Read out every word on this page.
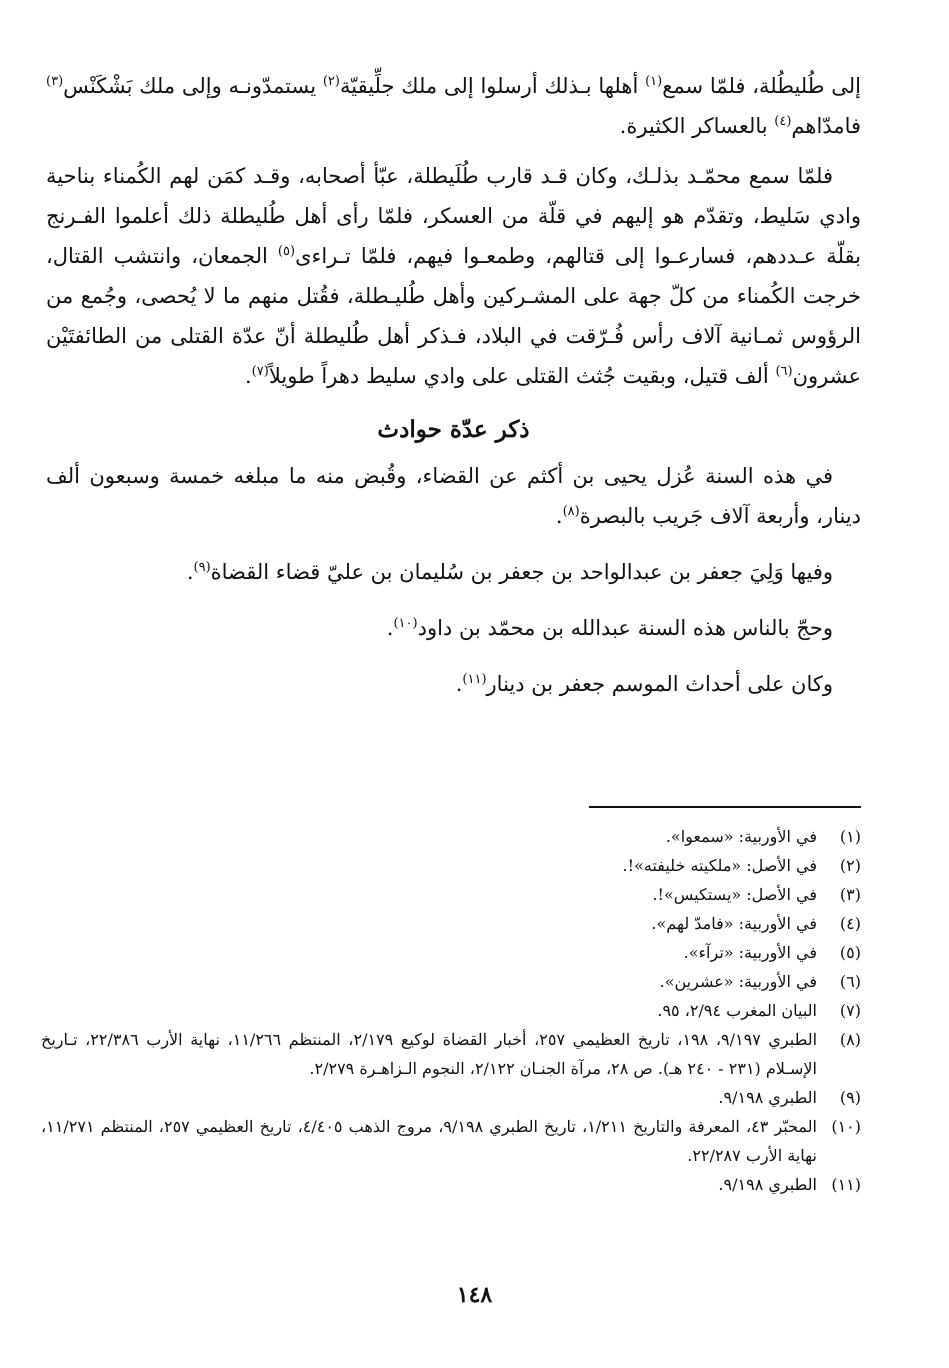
إلى طُليطُلة، فلمّا سمع$^{(١)}$ أهلها بـذلك أرسلوا إلى ملك جلِّيقيّة$^{(٢)}$ يستمدّونـه وإلى ملك بَشْكَنْس$^{(٣)}$ فامدّاهم$^{(٤)}$ بالعساكر الكثيرة.

فلمّا سمع محمّـد بذلـك، وكان قـد قارب طُلَيطلة، عبّأ أصحابه، وقـد كمَن لهم الكُمناء بناحية وادي سَليط، وتقدّم هو إليهم في قلّة من العسكر، فلمّا رأى أهل طُليطلة ذلك أعلموا الفـرنج بقلّة عـددهم، فسارعـوا إلى قتالهم، وطمعـوا فيهم، فلمّا تـراءى$^{(٥)}$ الجمعان، وانتشب القتال، خرجت الكُمناء من كلّ جهة على المشـركين وأهل طُليـطلة، فقُتل منهم ما لا يُحصى، وجُمع من الرؤوس ثمـانية آلاف رأس فُـرّقت في البلاد، فـذكر أهل طُليطلة أنّ عدّة القتلى من الطائفتَيْن عشرون$^{(٦)}$ ألف قتيل، وبقيت جُثث القتلى على وادي سليط دهراً طويلاً$^{(٧)}$.

ذكر عدّة حوادث

في هذه السنة عُزل يحيى بن أكثم عن القضاء، وقُبض منه ما مبلغه خمسة وسبعون ألف دينار، وأربعة آلاف جَريب بالبصرة$^{(٨)}$.

وفيها وَلِيَ جعفر بن عبدالواحد بن جعفر بن سُليمان بن عليّ قضاء القضاة$^{(٩)}$.

وحجّ بالناس هذه السنة عبدالله بن محمّد بن داود$^{(١٠)}$.

وكان على أحداث الموسم جعفر بن دينار$^{(١١)}$.

(١)
في الأوربية: «سمعوا».
(٢)
في الأصل: «ملكيته خليفته»!.
(٣)
في الأصل: «يستكيس»!.
(٤)
في الأوربية: «فامدّ لهم».
(٥)
في الأوربية: «ترآء».
(٦)
في الأوربية: «عشرين».
(٧)
البيان المغرب ٢/٩٤، ٩٥.
(٨)
الطبري ٩/١٩٧، ١٩٨، تاريخ العظيمي ٢٥٧، أخبار القضاة لوكيع ٢/١٧٩، المنتظم ١١/٢٦٦، نهاية الأرب ٢٢/٣٨٦، تـاريخ الإسـلام (٢٣١ - ٢٤٠ هـ). ص ٢٨، مرآة الجنـان ٢/١٢٢، النجوم الـزاهـرة ٢/٢٧٩.
(٩)
الطبري ٩/١٩٨.
(١٠)
المحبّر ٤٣، المعرفة والتاريخ ١/٢١١، تاريخ الطبري ٩/١٩٨، مروج الذهب ٤/٤٠٥، تاريخ العظيمي ٢٥٧، المنتظم ١١/٢٧١، نهاية الأرب ٢٢/٢٨٧.
(١١)
الطبري ٩/١٩٨.
١٤٨
